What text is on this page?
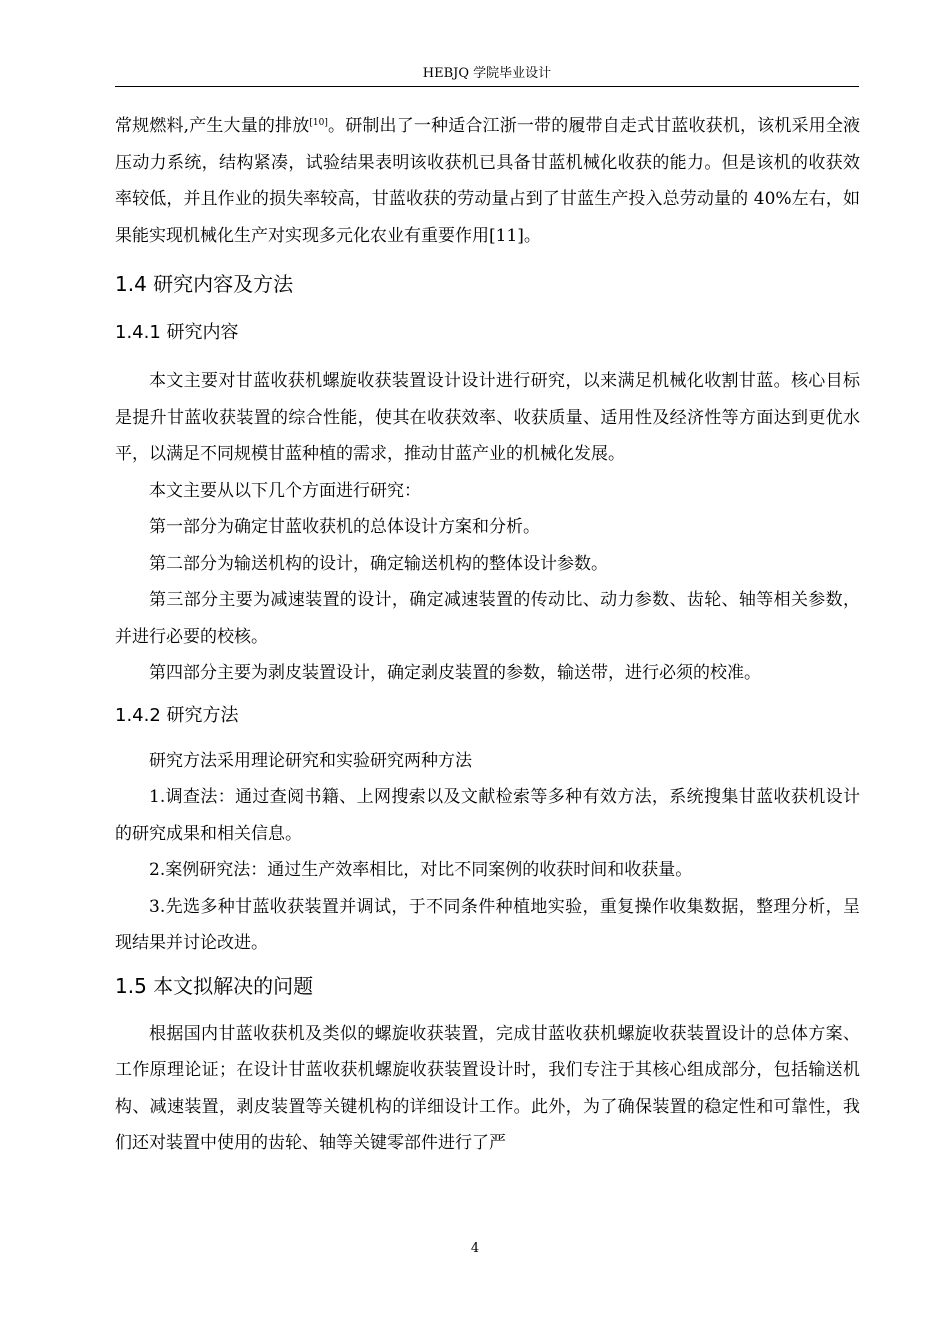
HEBJQ 学院毕业设计

常规燃料,产生大量的排放[10]。研制出了一种适合江浙一带的履带自走式甘蓝收获机，该机采用全液压动力系统，结构紧凑，试验结果表明该收获机已具备甘蓝机械化收获的能力。但是该机的收获效率较低，并且作业的损失率较高，甘蓝收获的劳动量占到了甘蓝生产投入总劳动量的 40%左右，如果能实现机械化生产对实现多元化农业有重要作用[11]。

1.4 研究内容及方法
1.4.1 研究内容

本文主要对甘蓝收获机螺旋收获装置设计设计进行研究，以来满足机械化收割甘蓝。核心目标是提升甘蓝收获装置的综合性能，使其在收获效率、收获质量、适用性及经济性等方面达到更优水平，以满足不同规模甘蓝种植的需求，推动甘蓝产业的机械化发展。

本文主要从以下几个方面进行研究：

第一部分为确定甘蓝收获机的总体设计方案和分析。

第二部分为输送机构的设计，确定输送机构的整体设计参数。

第三部分主要为减速装置的设计，确定减速装置的传动比、动力参数、齿轮、轴等相关参数，并进行必要的校核。

第四部分主要为剥皮装置设计，确定剥皮装置的参数，输送带，进行必须的校准。

1.4.2 研究方法

研究方法采用理论研究和实验研究两种方法

1.调查法：通过查阅书籍、上网搜索以及文献检索等多种有效方法，系统搜集甘蓝收获机设计的研究成果和相关信息。

2.案例研究法：通过生产效率相比，对比不同案例的收获时间和收获量。

3.先选多种甘蓝收获装置并调试，于不同条件种植地实验，重复操作收集数据，整理分析，呈现结果并讨论改进。

1.5 本文拟解决的问题

根据国内甘蓝收获机及类似的螺旋收获装置，完成甘蓝收获机螺旋收获装置设计的总体方案、工作原理论证；在设计甘蓝收获机螺旋收获装置设计时，我们专注于其核心组成部分，包括输送机构、减速装置，剥皮装置等关键机构的详细设计工作。此外，为了确保装置的稳定性和可靠性，我们还对装置中使用的齿轮、轴等关键零部件进行了严

4
